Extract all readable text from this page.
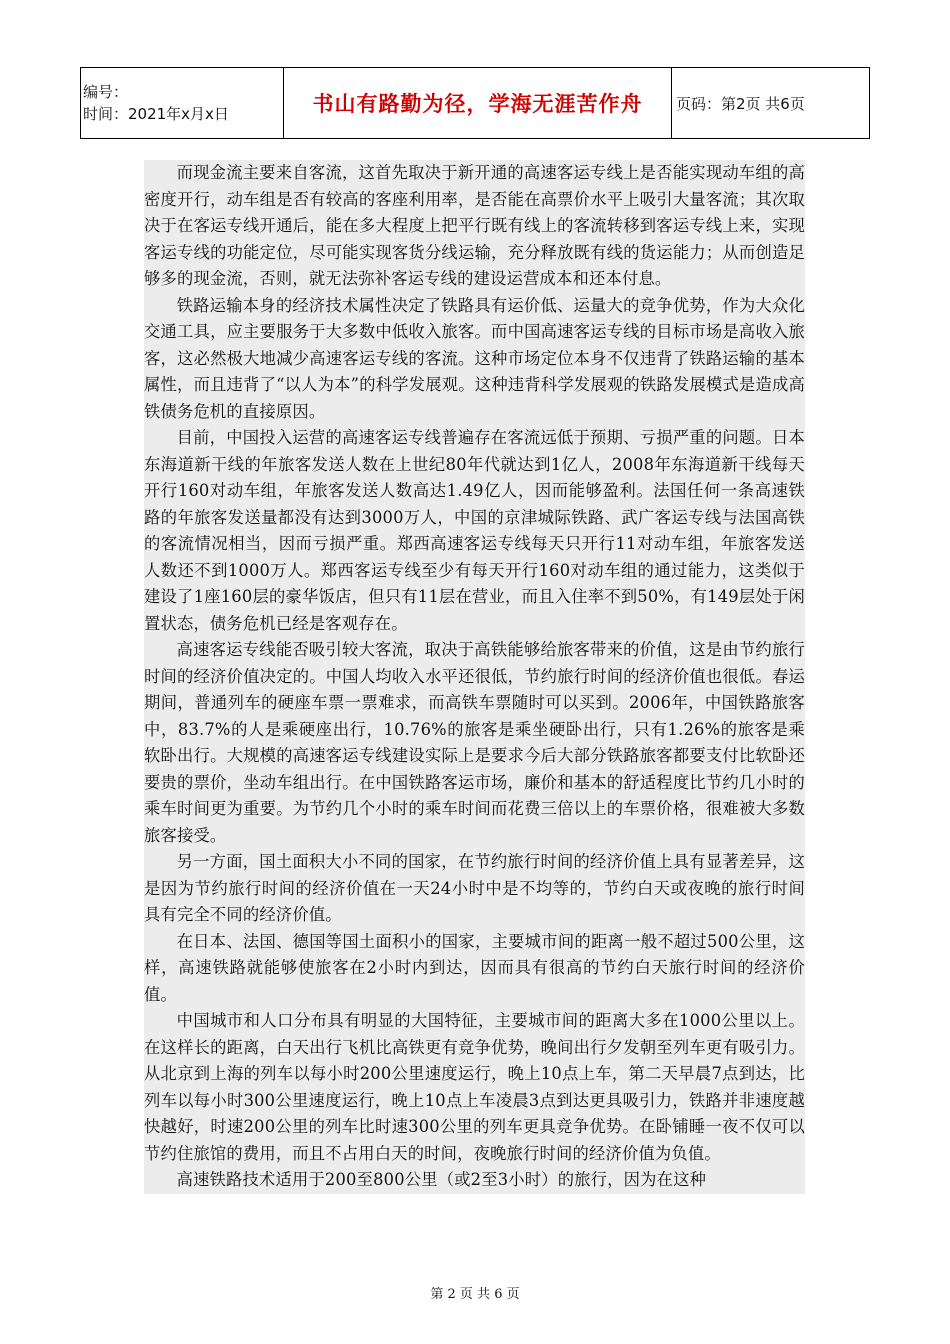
编号：
时间：2021年x月x日	书山有路勤为径，学海无涯苦作舟	页码：第2页 共6页

而现金流主要来自客流，这首先取决于新开通的高速客运专线上是否能实现动车组的高密度开行，动车组是否有较高的客座利用率，是否能在高票价水平上吸引大量客流；其次取决于在客运专线开通后，能在多大程度上把平行既有线上的客流转移到客运专线上来，实现客运专线的功能定位，尽可能实现客货分线运输，充分释放既有线的货运能力；从而创造足够多的现金流，否则，就无法弥补客运专线的建设运营成本和还本付息。

铁路运输本身的经济技术属性决定了铁路具有运价低、运量大的竞争优势，作为大众化交通工具，应主要服务于大多数中低收入旅客。而中国高速客运专线的目标市场是高收入旅客，这必然极大地减少高速客运专线的客流。这种市场定位本身不仅违背了铁路运输的基本属性，而且违背了“以人为本”的科学发展观。这种违背科学发展观的铁路发展模式是造成高铁债务危机的直接原因。

目前，中国投入运营的高速客运专线普遍存在客流远低于预期、亏损严重的问题。日本东海道新干线的年旅客发送人数在上世纪80年代就达到1亿人，2008年东海道新干线每天开行160对动车组，年旅客发送人数高达1.49亿人，因而能够盈利。法国任何一条高速铁路的年旅客发送量都没有达到3000万人，中国的京津城际铁路、武广客运专线与法国高铁的客流情况相当，因而亏损严重。郑西高速客运专线每天只开行11对动车组，年旅客发送人数还不到1000万人。郑西客运专线至少有每天开行160对动车组的通过能力，这类似于建设了1座160层的豪华饭店，但只有11层在营业，而且入住率不到50%，有149层处于闲置状态，债务危机已经是客观存在。

高速客运专线能否吸引较大客流，取决于高铁能够给旅客带来的价值，这是由节约旅行时间的经济价值决定的。中国人均收入水平还很低，节约旅行时间的经济价值也很低。春运期间，普通列车的硬座车票一票难求，而高铁车票随时可以买到。2006年，中国铁路旅客中，83.7%的人是乘硬座出行，10.76%的旅客是乘坐硬卧出行，只有1.26%的旅客是乘软卧出行。大规模的高速客运专线建设实际上是要求今后大部分铁路旅客都要支付比软卧还要贵的票价，坐动车组出行。在中国铁路客运市场，廉价和基本的舒适程度比节约几小时的乘车时间更为重要。为节约几个小时的乘车时间而花费三倍以上的车票价格，很难被大多数旅客接受。

另一方面，国土面积大小不同的国家，在节约旅行时间的经济价值上具有显著差异，这是因为节约旅行时间的经济价值在一天24小时中是不均等的，节约白天或夜晚的旅行时间具有完全不同的经济价值。

在日本、法国、德国等国土面积小的国家，主要城市间的距离一般不超过500公里，这样，高速铁路就能够使旅客在2小时内到达，因而具有很高的节约白天旅行时间的经济价值。

中国城市和人口分布具有明显的大国特征，主要城市间的距离大多在1000公里以上。在这样长的距离，白天出行飞机比高铁更有竞争优势，晚间出行夕发朝至列车更有吸引力。从北京到上海的列车以每小时200公里速度运行，晚上10点上车，第二天早晨7点到达，比列车以每小时300公里速度运行，晚上10点上车凌晨3点到达更具吸引力，铁路并非速度越快越好，时速200公里的列车比时速300公里的列车更具竞争优势。在卧铺睡一夜不仅可以节约住旅馆的费用，而且不占用白天的时间，夜晚旅行时间的经济价值为负值。

高速铁路技术适用于200至800公里（或2至3小时）的旅行，因为在这种

第 2 页 共 6 页
